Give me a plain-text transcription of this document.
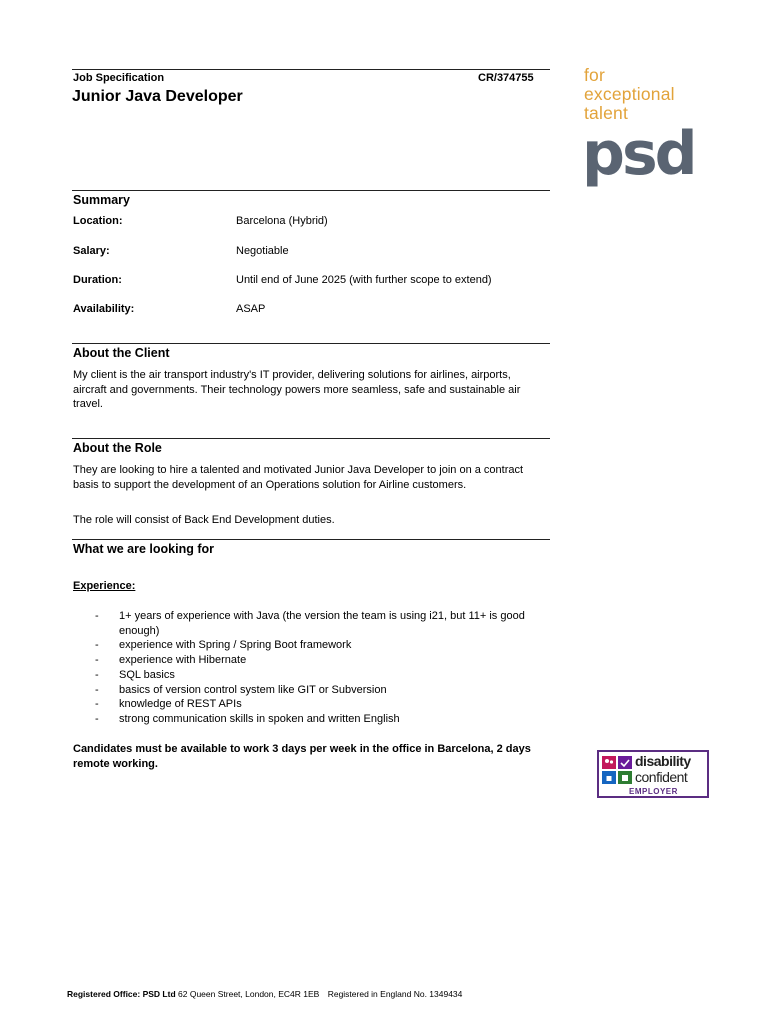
Job Specification	CR/374755
Junior Java Developer
for
exceptional
talent
psd
Summary
Location:	Barcelona (Hybrid)
Salary:	Negotiable
Duration:	Until end of June 2025 (with further scope to extend)
Availability:	ASAP
About the Client
My client is the air transport industry's IT provider, delivering solutions for airlines, airports, aircraft and governments. Their technology powers more seamless, safe and sustainable air travel.
About the Role
They are looking to hire a talented and motivated Junior Java Developer to join on a contract basis to support the development of an Operations solution for Airline customers.
The role will consist of Back End Development duties.
What we are looking for
Experience:
- 1+ years of experience with Java (the version the team is using i21, but 11+ is good enough)
- experience with Spring / Spring Boot framework
- experience with Hibernate
- SQL basics
- basics of version control system like GIT or Subversion
- knowledge of REST APIs
- strong communication skills in spoken and written English
Candidates must be available to work 3 days per week in the office in Barcelona, 2 days remote working.	disability
confident
EMPLOYER
Registered Office: PSD Ltd 62 Queen Street, London, EC4R 1EB Registered in England No. 1349434
